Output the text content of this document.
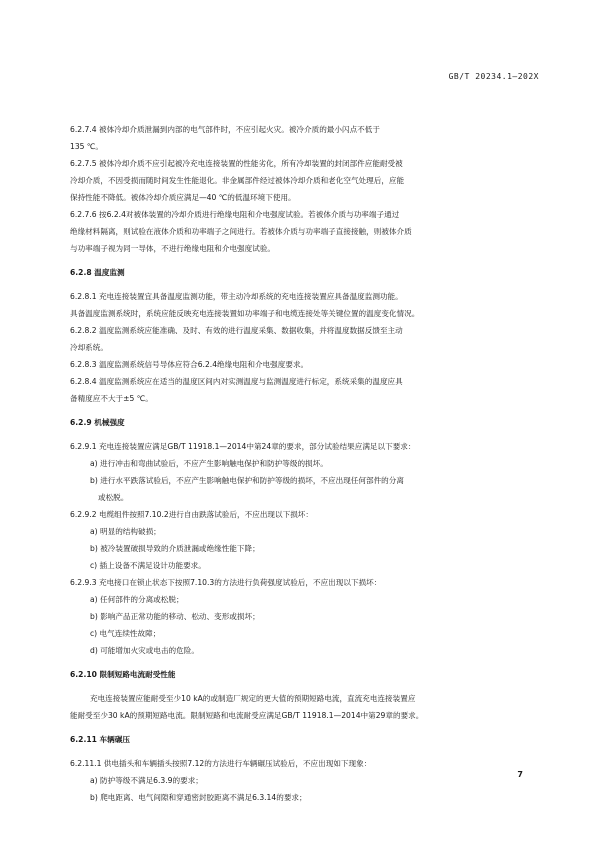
GB/T 20234.1—202X
6.2.7.4 被体冷却介质泄漏到内部的电气部件时，不应引起火灾。被冷介质的最小闪点不低于
135 ℃。
6.2.7.5 被体冷却介质不应引起被冷充电连接装置的性能劣化，所有冷却装置的封闭部件应能耐受被
冷却介质，不因受损而随时间发生性能退化。非金属部件经过被体冷却介质和老化空气处理后，应能
保持性能不降低。被体冷却介质应满足—40 ℃的低温环境下使用。
6.2.7.6 按6.2.4对被体装置的冷却介质进行绝缘电阻和介电强度试验。若被体介质与功率端子通过
绝缘材料隔离，则试验在液体介质和功率端子之间进行。若被体介质与功率端子直接接触，则被体介质
与功率端子视为同一导体，不进行绝缘电阻和介电强度试验。
6.2.8 温度监测
6.2.8.1 充电连接装置宜具备温度监测功能，带主动冷却系统的充电连接装置应具备温度监测功能。
具备温度监测系统时，系统应能反映充电连接装置如功率端子和电缆连接处等关键位置的温度变化情况。
6.2.8.2 温度监测系统应能准确、及时、有效的进行温度采集、数据收集，并将温度数据反馈至主动
冷却系统。
6.2.8.3 温度监测系统信号导体应符合6.2.4绝缘电阻和介电强度要求。
6.2.8.4 温度监测系统应在适当的温度区间内对实测温度与监测温度进行标定，系统采集的温度应具
备精度应不大于±5 ℃。
6.2.9 机械强度
6.2.9.1 充电连接装置应满足GB/T 11918.1—2014中第24章的要求，部分试验结果应满足以下要求：
a) 进行冲击和弯曲试验后，不应产生影响触电保护和防护等级的损坏。
b) 进行水平跌落试验后，不应产生影响触电保护和防护等级的损坏，不应出现任何部件的分离
或松脱。
6.2.9.2 电缆组件按照7.10.2进行自由跌落试验后，不应出现以下损坏：
a) 明显的结构破损；
b) 被冷装置破损导致的介质泄漏或绝缘性能下降；
c) 插上设备不满足设计功能要求。
6.2.9.3 充电接口在锁止状态下按照7.10.3的方法进行负荷强度试验后，不应出现以下损坏：
a) 任何部件的分离或松脱；
b) 影响产品正常功能的移动、松动、变形或损坏；
c) 电气连续性故障；
d) 可能增加火灾或电击的危险。
6.2.10 限制短路电流耐受性能
充电连接装置应能耐受至少10 kA的或制造厂规定的更大值的预期短路电流，直流充电连接装置应
能耐受至少30 kA的预期短路电流。限制短路和电流耐受应满足GB/T 11918.1—2014中第29章的要求。
6.2.11 车辆碾压
6.2.11.1 供电插头和车辆插头按照7.12的方法进行车辆碾压试验后，不应出现如下现象：
a) 防护等级不满足6.3.9的要求；
b) 爬电距离、电气间隙和穿通密封胶距离不满足6.3.14的要求；
7
